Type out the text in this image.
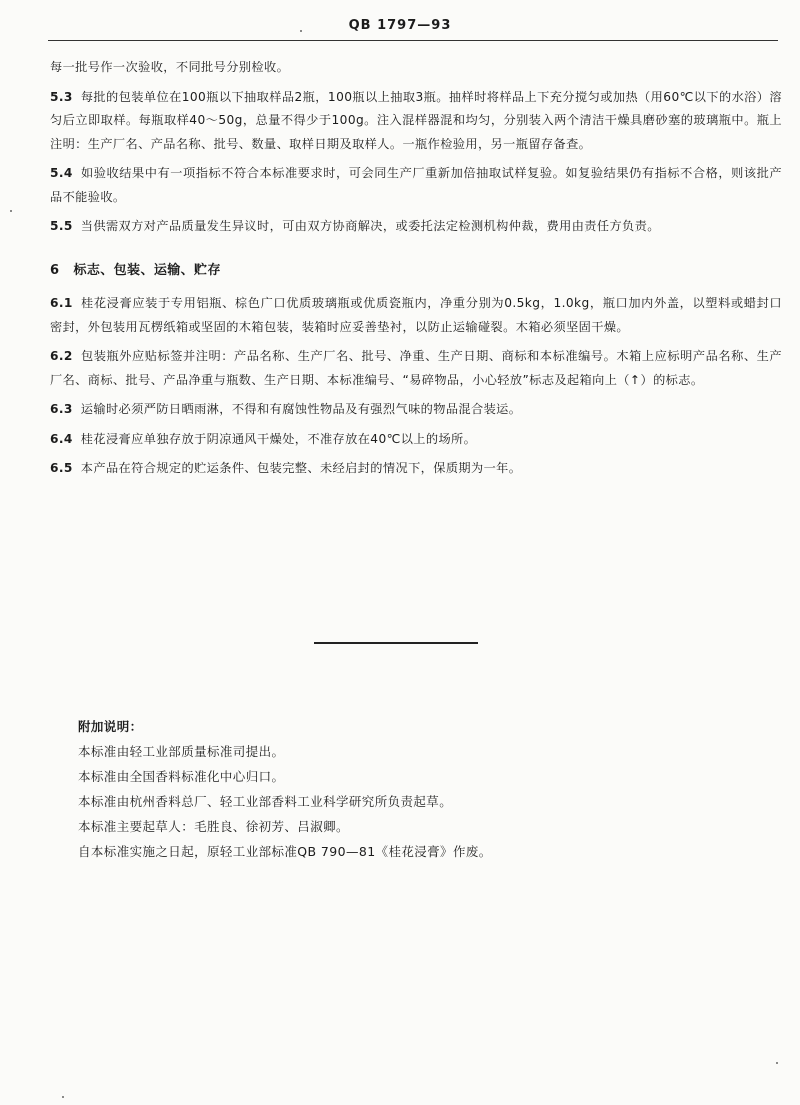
QB 1797—93

每一批号作一次验收，不同批号分别检收。

5.3 每批的包装单位在100瓶以下抽取样品2瓶，100瓶以上抽取3瓶。抽样时将样品上下充分搅匀或加热（用60℃以下的水浴）溶匀后立即取样。每瓶取样40～50g，总量不得少于100g。注入混样器混和均匀，分别装入两个清洁干燥具磨砂塞的玻璃瓶中。瓶上注明：生产厂名、产品名称、批号、数量、取样日期及取样人。一瓶作检验用，另一瓶留存备查。

5.4 如验收结果中有一项指标不符合本标准要求时，可会同生产厂重新加倍抽取试样复验。如复验结果仍有指标不合格，则该批产品不能验收。

5.5 当供需双方对产品质量发生异议时，可由双方协商解决，或委托法定检测机构仲裁，费用由责任方负责。

6 标志、包装、运输、贮存

6.1 桂花浸膏应装于专用铝瓶、棕色广口优质玻璃瓶或优质瓷瓶内，净重分别为0.5kg，1.0kg，瓶口加内外盖，以塑料或蜡封口密封，外包装用瓦楞纸箱或坚固的木箱包装，装箱时应妥善垫衬，以防止运输碰裂。木箱必须坚固干燥。

6.2 包装瓶外应贴标签并注明：产品名称、生产厂名、批号、净重、生产日期、商标和本标准编号。木箱上应标明产品名称、生产厂名、商标、批号、产品净重与瓶数、生产日期、本标准编号、“易碎物品，小心轻放”标志及起箱向上（↑）的标志。

6.3 运输时必须严防日晒雨淋，不得和有腐蚀性物品及有强烈气味的物品混合装运。

6.4 桂花浸膏应单独存放于阴凉通风干燥处，不准存放在40℃以上的场所。

6.5 本产品在符合规定的贮运条件、包装完整、未经启封的情况下，保质期为一年。

附加说明：
本标准由轻工业部质量标准司提出。
本标准由全国香料标准化中心归口。
本标准由杭州香料总厂、轻工业部香料工业科学研究所负责起草。
本标准主要起草人：毛胜良、徐初芳、吕淑卿。
自本标准实施之日起，原轻工业部标准QB 790—81《桂花浸膏》作废。
